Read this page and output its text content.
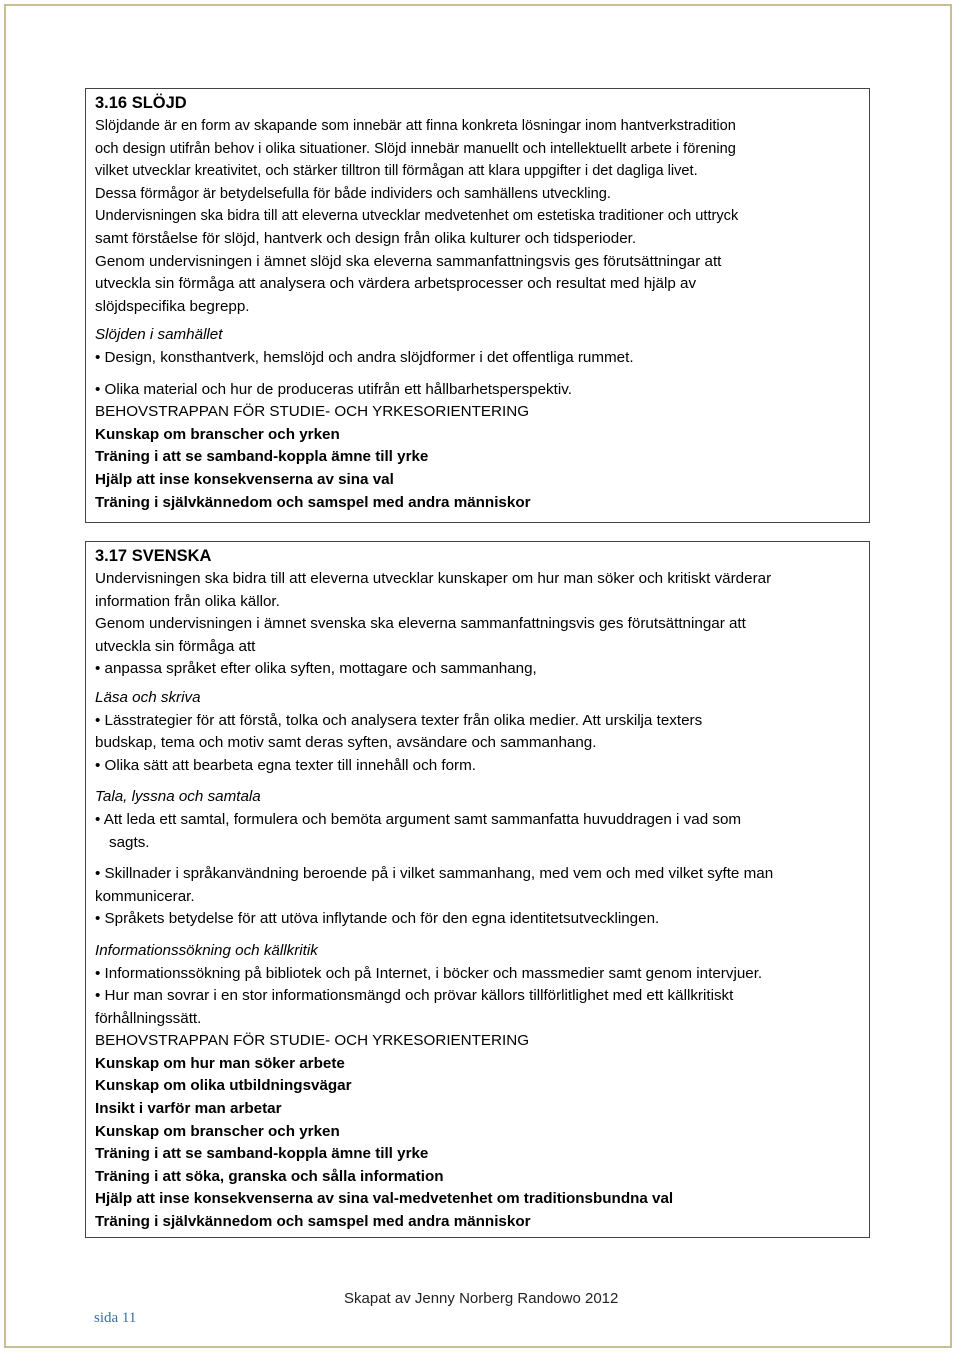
3.16 SLÖJD

Slöjdande är en form av skapande som innebär att finna konkreta lösningar inom hantverkstradition

och design utifrån behov i olika situationer. Slöjd innebär manuellt och intellektuellt arbete i förening

vilket utvecklar kreativitet, och stärker tilltron till förmågan att klara uppgifter i det dagliga livet.

Dessa förmågor är betydelsefulla för både individers och samhällens utveckling.

Undervisningen ska bidra till att eleverna utvecklar medvetenhet om estetiska traditioner och uttryck

samt förståelse för slöjd, hantverk och design från olika kulturer och tidsperioder.

Genom undervisningen i ämnet slöjd ska eleverna sammanfattningsvis ges förutsättningar att

utveckla sin förmåga att analysera och värdera arbetsprocesser och resultat med hjälp av

slöjdspecifika begrepp.

Slöjden i samhället

• Design, konsthantverk, hemslöjd och andra slöjdformer i det offentliga rummet.

• Olika material och hur de produceras utifrån ett hållbarhetsperspektiv.

BEHOVSTRAPPAN FÖR STUDIE- OCH YRKESORIENTERING

Kunskap om branscher och yrken

Träning i att se samband-koppla ämne till yrke

Hjälp att inse konsekvenserna av sina val

Träning i självkännedom och samspel med andra människor

3.17 SVENSKA

Undervisningen ska bidra till att eleverna utvecklar kunskaper om hur man söker och kritiskt värderar

information från olika källor.

Genom undervisningen i ämnet svenska ska eleverna sammanfattningsvis ges förutsättningar att

utveckla sin förmåga att

• anpassa språket efter olika syften, mottagare och sammanhang,

Läsa och skriva

• Lässtrategier för att förstå, tolka och analysera texter från olika medier. Att urskilja texters

budskap, tema och motiv samt deras syften, avsändare och sammanhang.

• Olika sätt att bearbeta egna texter till innehåll och form.

Tala, lyssna och samtala

• Att leda ett samtal, formulera och bemöta argument samt sammanfatta huvuddragen i vad som

sagts.

• Skillnader i språkanvändning beroende på i vilket sammanhang, med vem och med vilket syfte man

kommunicerar.

• Språkets betydelse för att utöva inflytande och för den egna identitetsutvecklingen.

Informationssökning och källkritik

• Informationssökning på bibliotek och på Internet, i böcker och massmedier samt genom intervjuer.

• Hur man sovrar i en stor informationsmängd och prövar källors tillförlitlighet med ett källkritiskt

förhållningssätt.

BEHOVSTRAPPAN FÖR STUDIE- OCH YRKESORIENTERING

Kunskap om hur man söker arbete

Kunskap om olika utbildningsvägar

Insikt i varför man arbetar

Kunskap om branscher och yrken

Träning i att se samband-koppla ämne till yrke

Träning i att söka, granska och sålla information

Hjälp att inse konsekvenserna av sina val-medvetenhet om traditionsbundna val

Träning i självkännedom och samspel med andra människor

Skapat av Jenny Norberg Randowo 2012
sida 11
